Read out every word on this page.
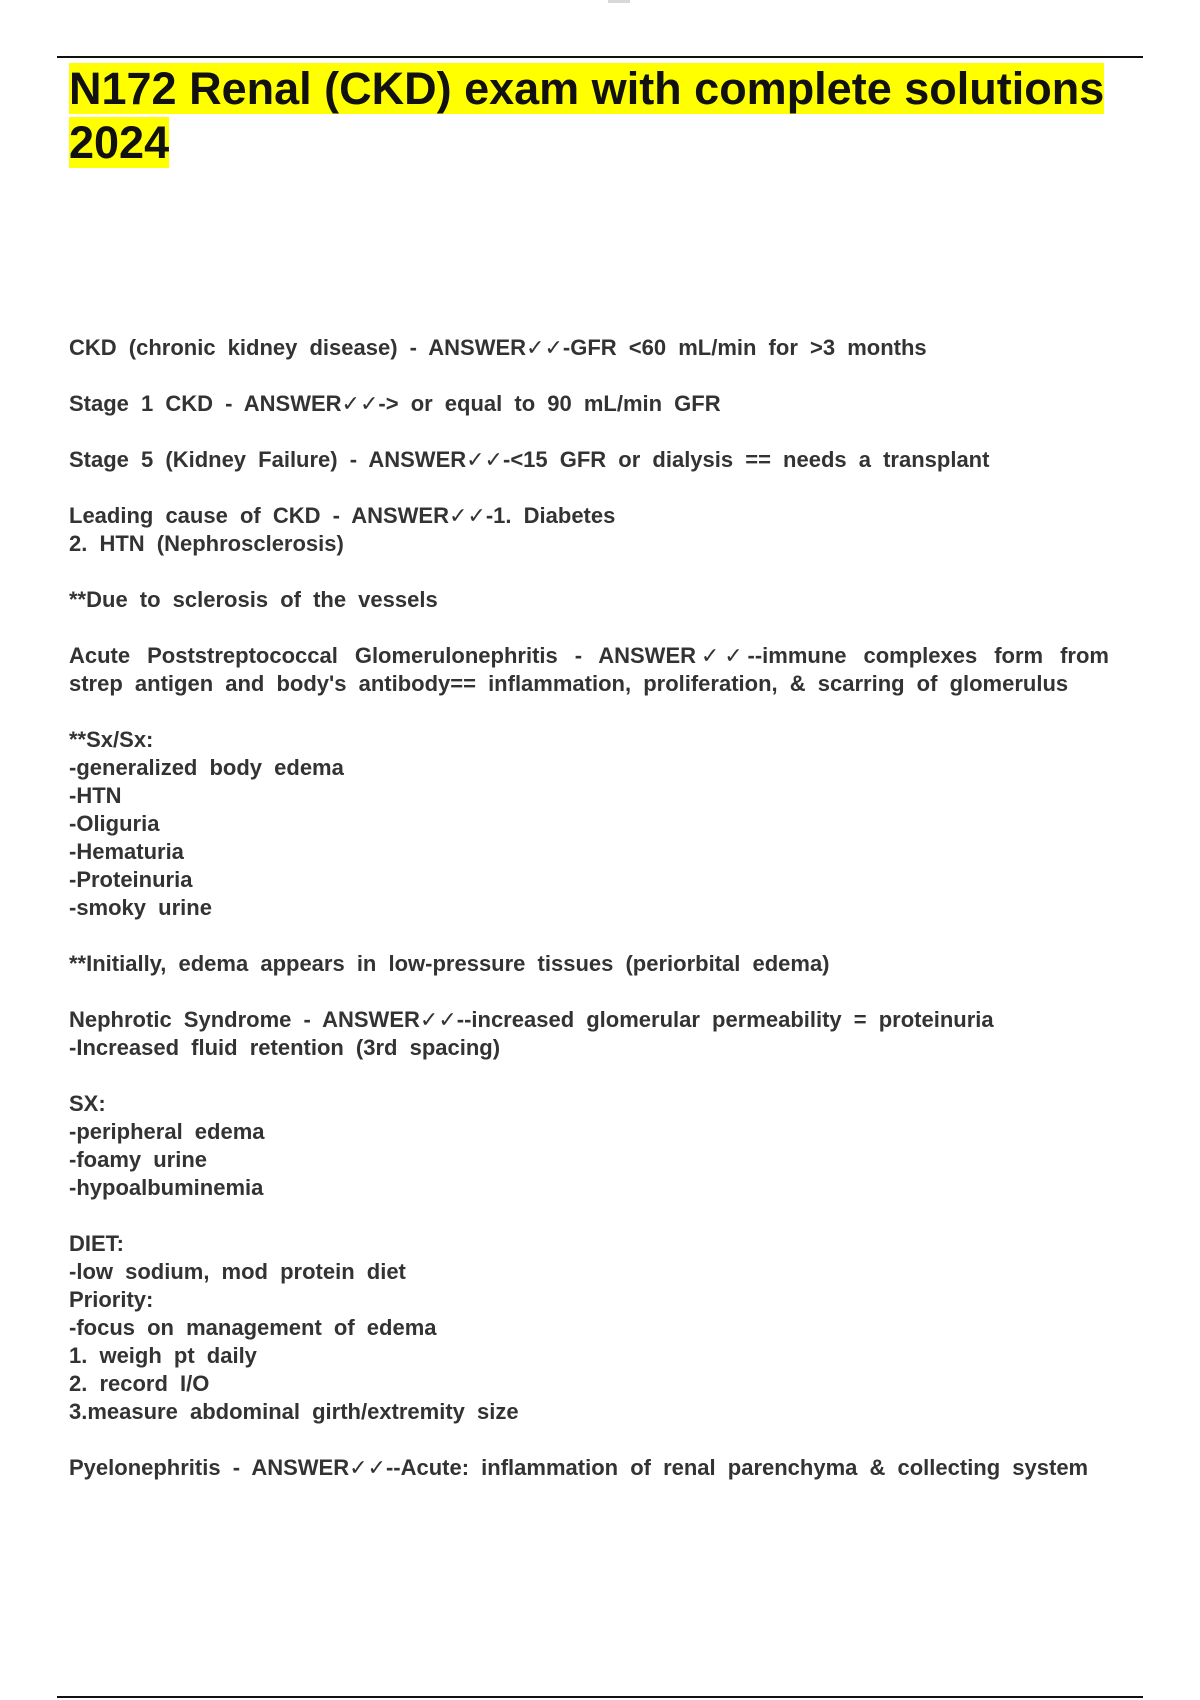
N172 Renal (CKD) exam with complete solutions 2024
CKD (chronic kidney disease) - ANSWER✓✓-GFR <60 mL/min for >3 months
Stage 1 CKD - ANSWER✓✓-> or equal to 90 mL/min GFR
Stage 5 (Kidney Failure) - ANSWER✓✓-<15 GFR or dialysis == needs a transplant
Leading cause of CKD - ANSWER✓✓-1. Diabetes
2. HTN (Nephrosclerosis)
**Due to sclerosis of the vessels
Acute Poststreptococcal Glomerulonephritis - ANSWER✓✓--immune complexes form from strep antigen and body's antibody== inflammation, proliferation, & scarring of glomerulus
**Sx/Sx:
-generalized body edema
-HTN
-Oliguria
-Hematuria
-Proteinuria
-smoky urine
**Initially, edema appears in low-pressure tissues (periorbital edema)
Nephrotic Syndrome - ANSWER✓✓--increased glomerular permeability = proteinuria
-Increased fluid retention (3rd spacing)
SX:
-peripheral edema
-foamy urine
-hypoalbuminemia
DIET:
-low sodium, mod protein diet
Priority:
-focus on management of edema
1. weigh pt daily
2. record I/O
3.measure abdominal girth/extremity size
Pyelonephritis - ANSWER✓✓--Acute: inflammation of renal parenchyma & collecting system
